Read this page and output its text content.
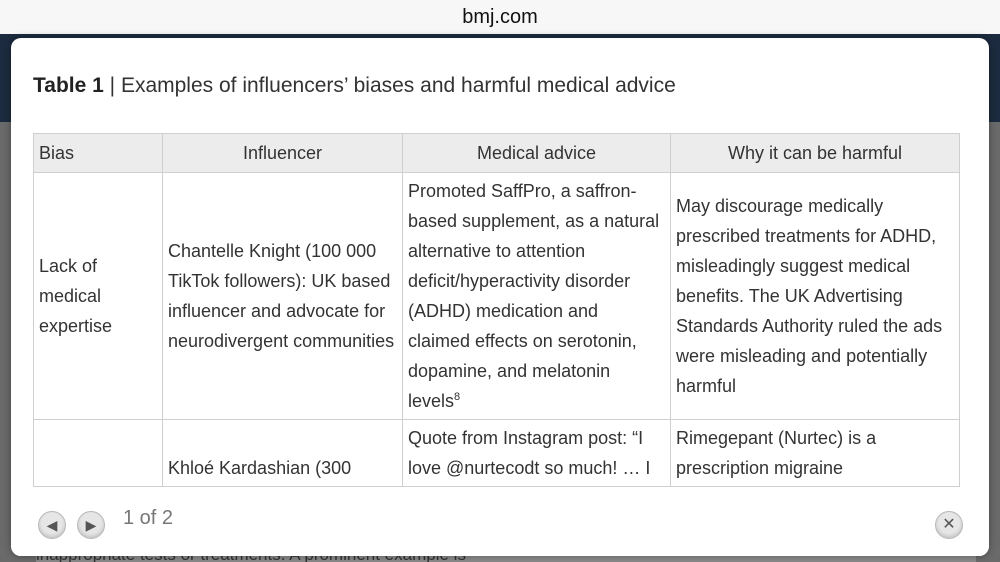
bmj.com
Table 1 | Examples of influencers’ biases and harmful medical advice
Bias	Influencer	Medical advice	Why it can be harmful
Lack of medical expertise	Chantelle Knight (100 000 TikTok followers): UK based influencer and advocate for neurodivergent communities	Promoted SaffPro, a saffron-based supplement, as a natural alternative to attention deficit/hyperactivity disorder (ADHD) medication and claimed effects on serotonin, dopamine, and melatonin levels$^8$	May discourage medically prescribed treatments for ADHD, misleadingly suggest medical benefits. The UK Advertising Standards Authority ruled the ads were misleading and potentially harmful
	Khloé Kardashian (300	Quote from Instagram post: “I love @nurtecodt so much! … I	Rimegepant (Nurtec) is a prescription migraine
◀	▶	1 of 2	✕
